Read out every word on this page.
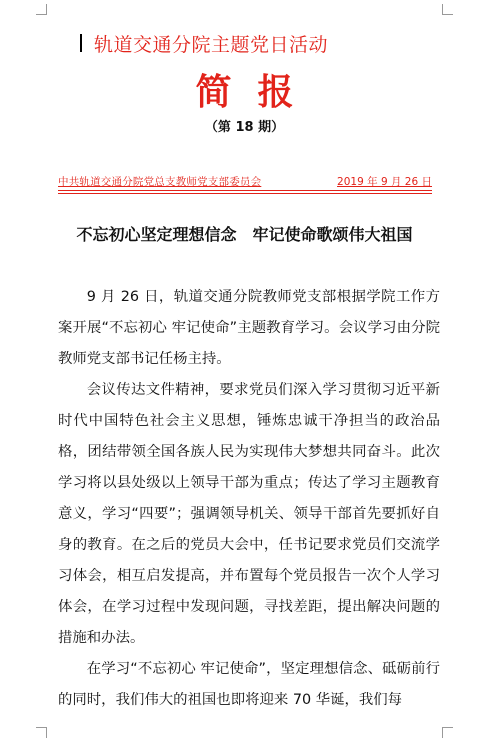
轨道交通分院主题党日活动
简报
（第 18 期）
中共轨道交通分院党总支教师党支部委员会	2019 年 9 月 26 日
不忘初心坚定理想信念　牢记使命歌颂伟大祖国

9 月 26 日，轨道交通分院教师党支部根据学院工作方案开展“不忘初心 牢记使命”主题教育学习。会议学习由分院教师党支部书记任杨主持。

会议传达文件精神，要求党员们深入学习贯彻习近平新时代中国特色社会主义思想，锤炼忠诚干净担当的政治品格，团结带领全国各族人民为实现伟大梦想共同奋斗。此次学习将以县处级以上领导干部为重点；传达了学习主题教育意义，学习“四要”；强调领导机关、领导干部首先要抓好自身的教育。在之后的党员大会中，任书记要求党员们交流学习体会，相互启发提高，并布置每个党员报告一次个人学习体会，在学习过程中发现问题，寻找差距，提出解决问题的措施和办法。

在学习“不忘初心 牢记使命”，坚定理想信念、砥砺前行的同时，我们伟大的祖国也即将迎来 70 华诞，我们每
